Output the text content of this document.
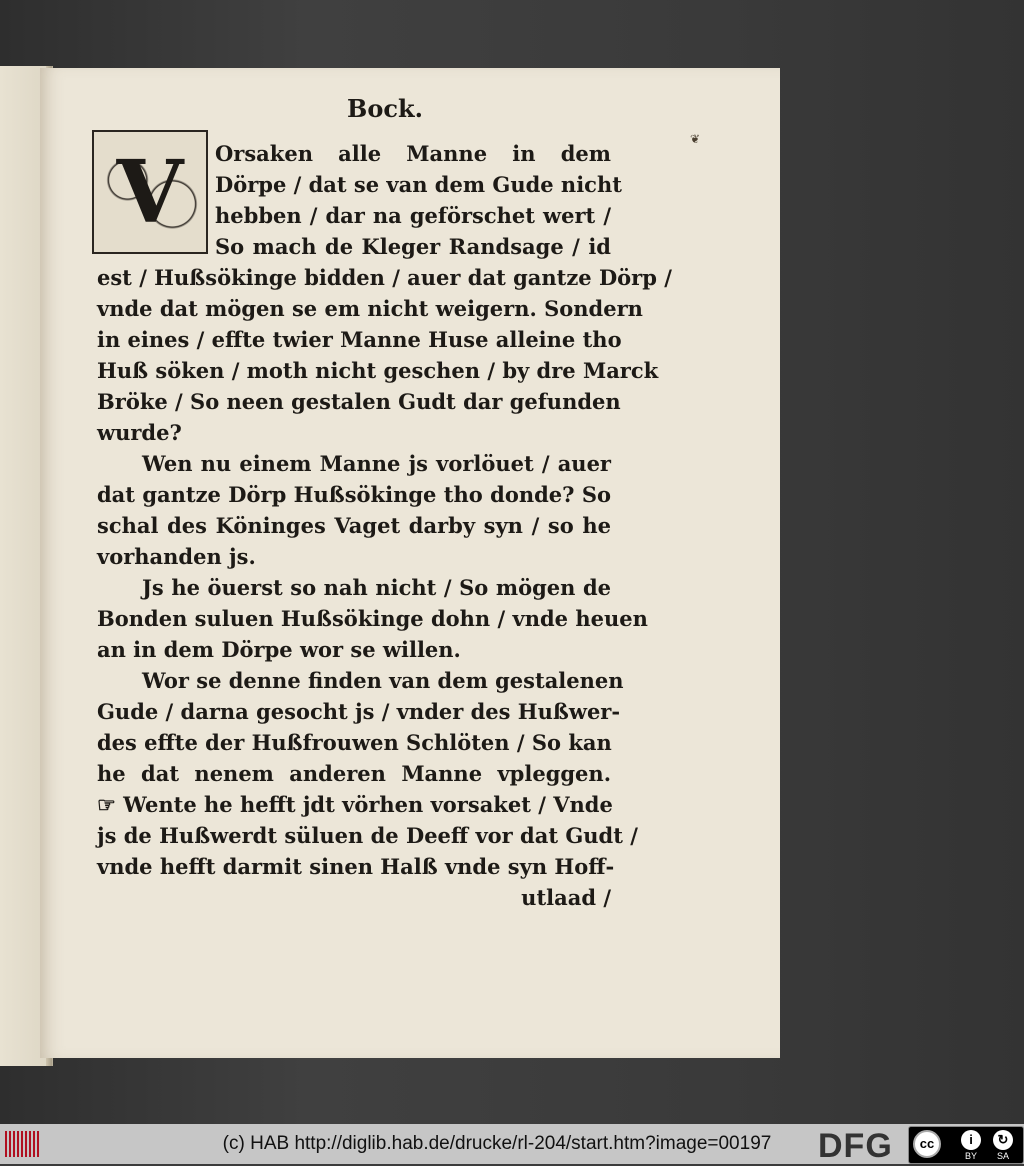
Bock.
V
❦
Orsaken alle Manne in dem
Dörpe / dat se van dem Gude nicht
hebben / dar na geförschet wert /
So mach de Kleger Randsage / id
est / Hußsökinge bidden / auer dat gantze Dörp /
vnde dat mögen se em nicht weigern. Sondern
in eines / effte twier Manne Huse alleine tho
Huß söken / moth nicht geschen / by dre Marck
Bröke / So neen gestalen Gudt dar gefunden
wurde?
Wen nu einem Manne js vorlöuet / auer
dat gantze Dörp Hußsökinge tho donde? So
schal des Köninges Vaget darby syn / so he
vorhanden js.
Js he öuerst so nah nicht / So mögen de
Bonden suluen Hußsökinge dohn / vnde heuen
an in dem Dörpe wor se willen.
Wor se denne finden van dem gestalenen
Gude / darna gesocht js / vnder des Hußwer-
des effte der Hußfrouwen Schlöten / So kan
he dat nenem anderen Manne vpleggen.
☞ Wente he hefft jdt vörhen vorsaket / Vnde
js de Hußwerdt süluen de Deeff vor dat Gudt /
vnde hefft darmit sinen Halß vnde syn Hoff-
utlaad /
(c) HAB http://diglib.hab.de/drucke/rl-204/start.htm?image=00197	DFG	cc	i	↻
BY SA
